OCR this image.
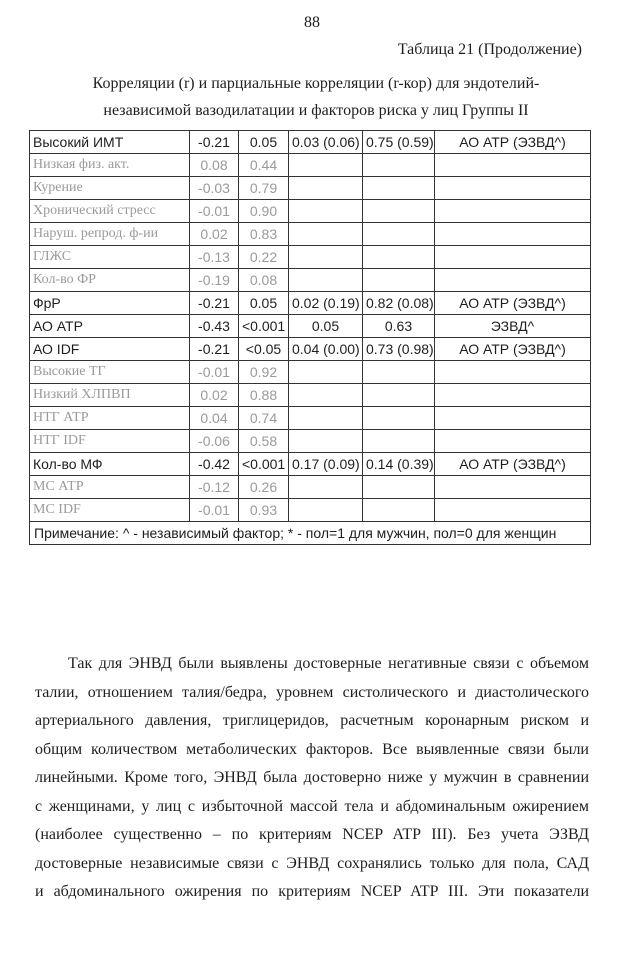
88
Таблица 21 (Продолжение)
Корреляции (r) и парциальные корреляции (r-кор) для эндотелий-
независимой вазодилатации и факторов риска у лиц Группы II
Высокий ИМТ	-0.21	0.05	0.03 (0.06)	0.75 (0.59)	АО АТР (ЭЗВД^)
Низкая физ. акт.	0.08	0.44			
Курение	-0.03	0.79			
Хронический стресс	-0.01	0.90			
Наруш. репрод. ф-ии	0.02	0.83			
ГЛЖС	-0.13	0.22			
Кол-во ФР	-0.19	0.08			
ФрР	-0.21	0.05	0.02 (0.19)	0.82 (0.08)	АО АТР (ЭЗВД^)
АО АТР	-0.43	<0.001	0.05	0.63	ЭЗВД^
АО IDF	-0.21	<0.05	0.04 (0.00)	0.73 (0.98)	АО АТР (ЭЗВД^)
Высокие ТГ	-0.01	0.92			
Низкий ХЛПВП	0.02	0.88			
НТГ АТР	0.04	0.74			
НТГ IDF	-0.06	0.58			
Кол-во МФ	-0.42	<0.001	0.17 (0.09)	0.14 (0.39)	АО АТР (ЭЗВД^)
МС АТР	-0.12	0.26			
МС IDF	-0.01	0.93			
Примечание: ^ - независимый фактор; * - пол=1 для мужчин, пол=0 для женщин					

Так для ЭНВД были выявлены достоверные негативные связи с объемом
талии, отношением талия/бедра, уровнем систолического и диастолического
артериального давления, триглицеридов, расчетным коронарным риском и
общим количеством метаболических факторов. Все выявленные связи были
линейными. Кроме того, ЭНВД была достоверно ниже у мужчин в сравнении
с женщинами, у лиц с избыточной массой тела и абдоминальным ожирением
(наиболее существенно – по критериям NCEP ATP III). Без учета ЭЗВД
достоверные независимые связи с ЭНВД сохранялись только для пола, САД
и абдоминального ожирения по критериям NCEP ATP III. Эти показатели
